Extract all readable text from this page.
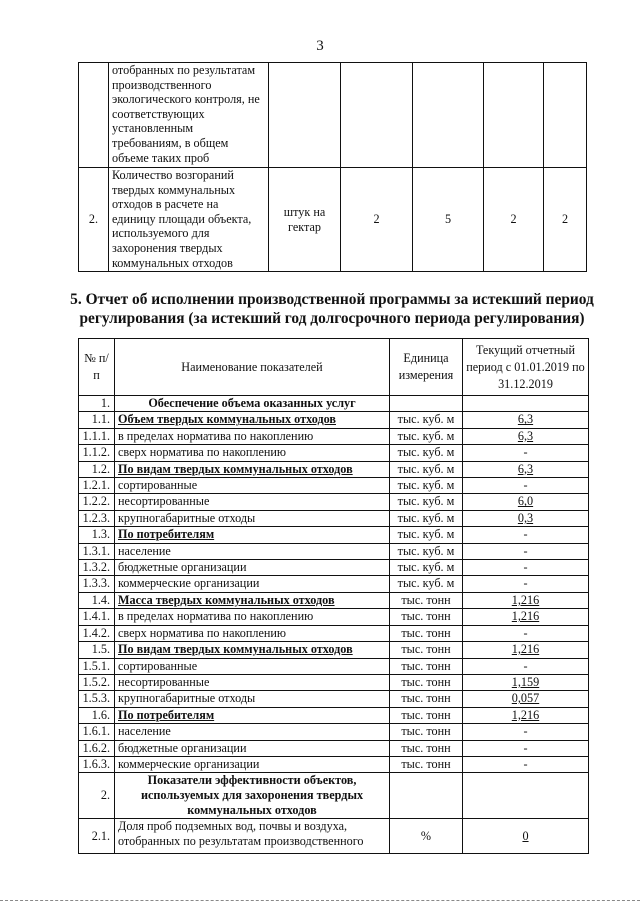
3
	отобранных по результатам производственного экологического контроля, не соответствующих установленным требованиям, в общем объеме таких проб					
2.	Количество возгораний твердых коммунальных отходов в расчете на единицу площади объекта, используемого для захоронения твердых коммунальных отходов	штук на гектар	2	5	2	2
5. Отчет об исполнении производственной программы за истекший период регулирования (за истекший год долгосрочного периода регулирования)
№ п/п	Наименование показателей	Единица измерения	Текущий отчетный период с 01.01.2019 по 31.12.2019
1.	Обеспечение объема оказанных услуг		
1.1.	Объем твердых коммунальных отходов	тыс. куб. м	6,3
1.1.1.	в пределах норматива по накоплению	тыс. куб. м	6,3
1.1.2.	сверх норматива по накоплению	тыс. куб. м	-
1.2.	По видам твердых коммунальных отходов	тыс. куб. м	6,3
1.2.1.	сортированные	тыс. куб. м	-
1.2.2.	несортированные	тыс. куб. м	6,0
1.2.3.	крупногабаритные отходы	тыс. куб. м	0,3
1.3.	По потребителям	тыс. куб. м	-
1.3.1.	население	тыс. куб. м	-
1.3.2.	бюджетные организации	тыс. куб. м	-
1.3.3.	коммерческие организации	тыс. куб. м	-
1.4.	Масса твердых коммунальных отходов	тыс. тонн	1,216
1.4.1.	в пределах норматива по накоплению	тыс. тонн	1,216
1.4.2.	сверх норматива по накоплению	тыс. тонн	-
1.5.	По видам твердых коммунальных отходов	тыс. тонн	1,216
1.5.1.	сортированные	тыс. тонн	-
1.5.2.	несортированные	тыс. тонн	1,159
1.5.3.	крупногабаритные отходы	тыс. тонн	0,057
1.6.	По потребителям	тыс. тонн	1,216
1.6.1.	население	тыс. тонн	-
1.6.2.	бюджетные организации	тыс. тонн	-
1.6.3.	коммерческие организации	тыс. тонн	-
2.	Показатели эффективности объектов, используемых для захоронения твердых коммунальных отходов		
2.1.	Доля проб подземных вод, почвы и воздуха, отобранных по результатам производственного	%	0
